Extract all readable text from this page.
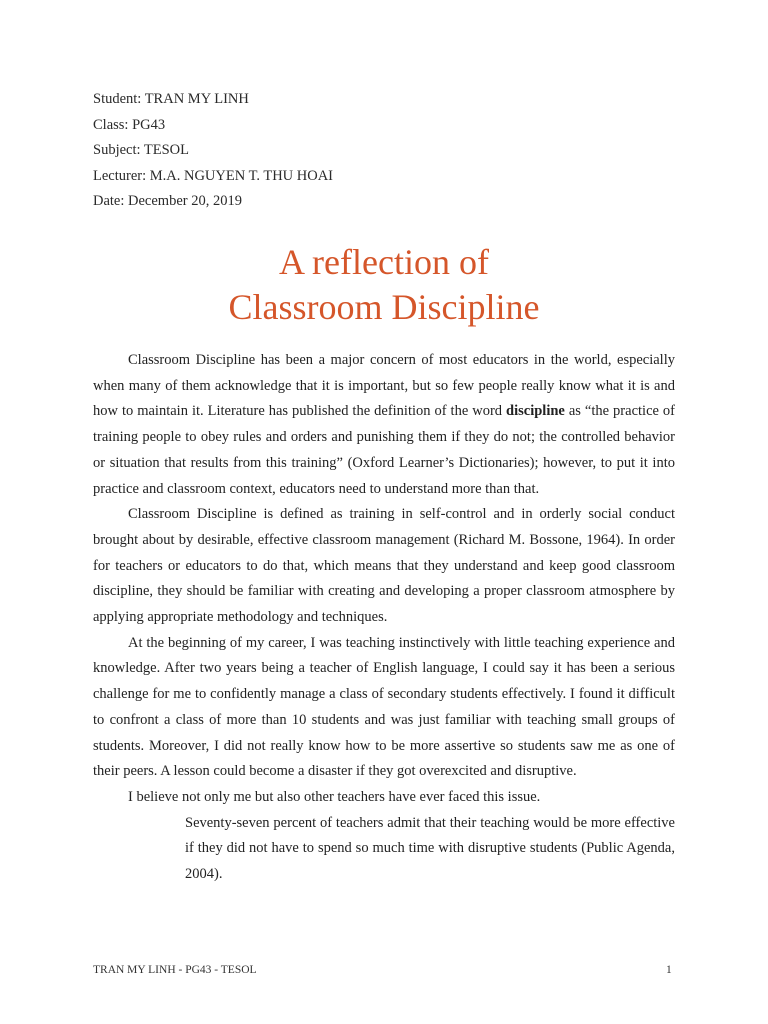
Student: TRAN MY LINH
Class: PG43
Subject: TESOL
Lecturer: M.A. NGUYEN T. THU HOAI
Date: December 20, 2019
A reflection of
Classroom Discipline

Classroom Discipline has been a major concern of most educators in the world, especially when many of them acknowledge that it is important, but so few people really know what it is and how to maintain it. Literature has published the definition of the word discipline as “the practice of training people to obey rules and orders and punishing them if they do not; the controlled behavior or situation that results from this training” (Oxford Learner’s Dictionaries); however, to put it into practice and classroom context, educators need to understand more than that.

Classroom Discipline is defined as training in self-control and in orderly social conduct brought about by desirable, effective classroom management (Richard M. Bossone, 1964). In order for teachers or educators to do that, which means that they understand and keep good classroom discipline, they should be familiar with creating and developing a proper classroom atmosphere by applying appropriate methodology and techniques.

At the beginning of my career, I was teaching instinctively with little teaching experience and knowledge. After two years being a teacher of English language, I could say it has been a serious challenge for me to confidently manage a class of secondary students effectively. I found it difficult to confront a class of more than 10 students and was just familiar with teaching small groups of students. Moreover, I did not really know how to be more assertive so students saw me as one of their peers. A lesson could become a disaster if they got overexcited and disruptive.

I believe not only me but also other teachers have ever faced this issue.

Seventy-seven percent of teachers admit that their teaching would be more effective if they did not have to spend so much time with disruptive students (Public Agenda, 2004).

TRAN MY LINH - PG43 - TESOL	1
